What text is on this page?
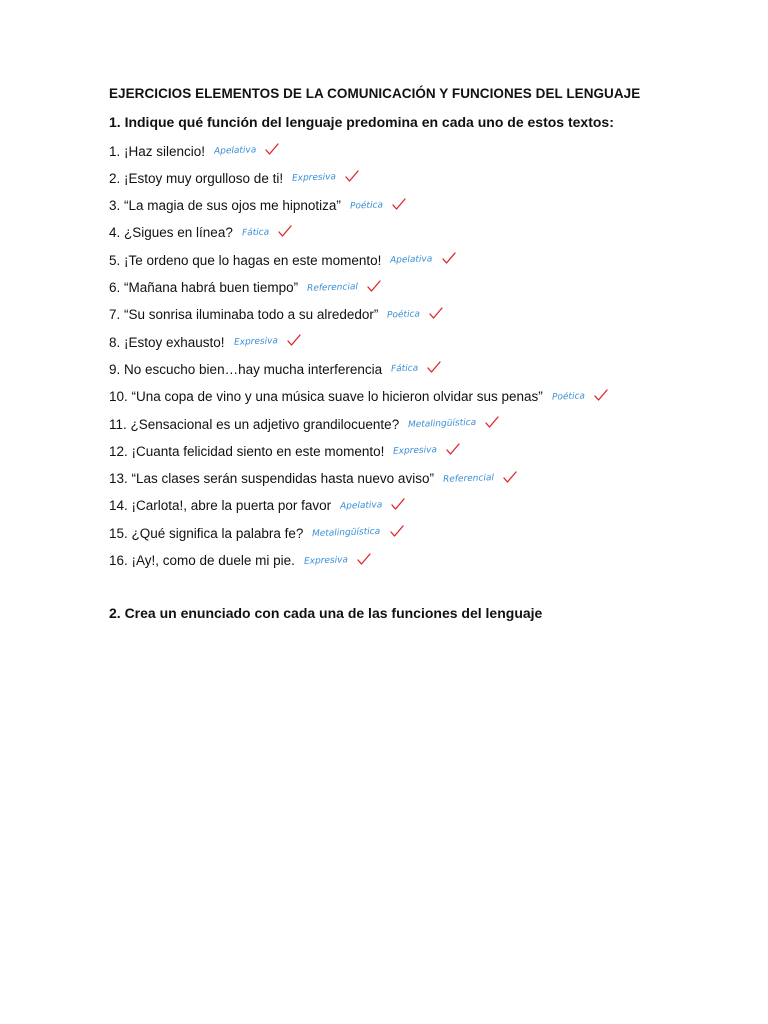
EJERCICIOS ELEMENTOS DE LA COMUNICACIÓN Y FUNCIONES DEL LENGUAJE
1. Indique qué función del lenguaje predomina en cada uno de estos textos:
1. ¡Haz silencio! Apelativa
2. ¡Estoy muy orgulloso de ti! Expresiva
3. “La magia de sus ojos me hipnotiza” Poética
4. ¿Sigues en línea? Fática
5. ¡Te ordeno que lo hagas en este momento! Apelativa
6. “Mañana habrá buen tiempo” Referencial
7. “Su sonrisa iluminaba todo a su alrededor” Poética
8. ¡Estoy exhausto! Expresiva
9. No escucho bien…hay mucha interferencia Fática
10. “Una copa de vino y una música suave lo hicieron olvidar sus penas” Poética
11. ¿Sensacional es un adjetivo grandilocuente? Metalingüística
12. ¡Cuanta felicidad siento en este momento! Expresiva
13. “Las clases serán suspendidas hasta nuevo aviso” Referencial
14. ¡Carlota!, abre la puerta por favor Apelativa
15. ¿Qué significa la palabra fe? Metalingüística
16. ¡Ay!, como de duele mi pie. Expresiva
2. Crea un enunciado con cada una de las funciones del lenguaje
